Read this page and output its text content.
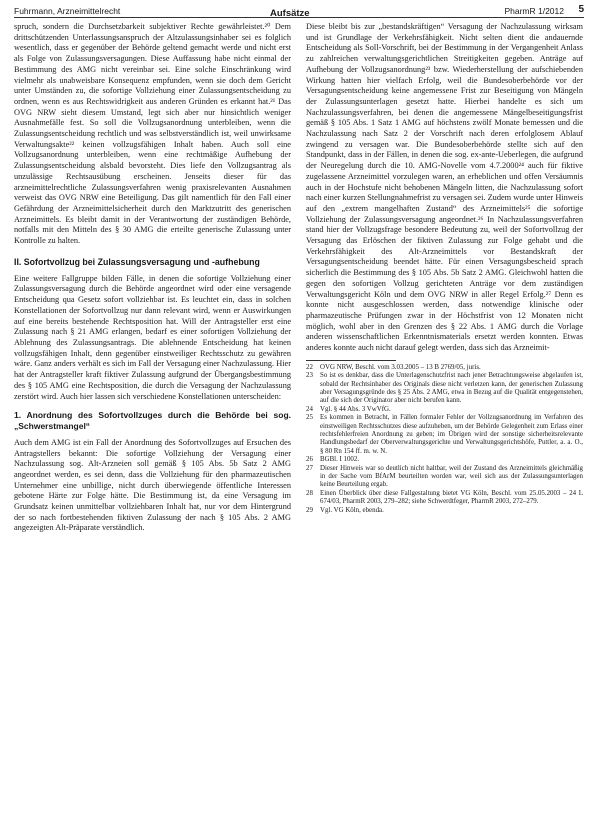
Fuhrmann, Arzneimittelrecht	Aufsätze	PharmR 1/2012 5

spruch, sondern die Durchsetzbarkeit subjektiver Rechte gewährleistet.²⁰ Dem drittschützenden Unterlassungsanspruch der Altzulassungsinhaber sei es folglich wesentlich, dass er gegenüber der Behörde geltend gemacht werde und nicht erst als Folge von Zulassungsversagungen. Diese Auffassung habe nicht einmal der Bestimmung des AMG nicht vereinbar sei. Eine solche Einschränkung wird vielmehr als unabweisbare Konsequenz empfunden, wenn sie doch dem Gericht unter Umständen zu, die sofortige Vollziehung einer Zulassungsentscheidung zu ordnen, wenn es aus Rechtswidrigkeit aus anderen Gründen es erkannt hat.²¹ Das OVG NRW sieht diesem Umstand, legt sich aber nur hinsichtlich weniger Ausnahmefälle fest. So soll die Vollzugsanordnung unterbleiben, wenn die Zulassungsentscheidung rechtlich und was selbstverständlich ist, weil unwirksame Verwaltungsakte²² keinen vollzugsfähigen Inhalt haben. Auch soll eine Vollzugsanordnung unterbleiben, wenn eine rechtmäßige Aufhebung der Zulassungsentscheidung alsbald bevorsteht. Dies liefe den Vollzugsantrag als unzulässige Rechtsausübung erscheinen. Jenseits dieser für das arzneimittelrechtliche Zulassungsverfahren wenig praxisrelevanten Ausnahmen verweist das OVG NRW eine Beteiligung. Das gilt namentlich für den Fall einer Gefährdung der Arzneimittelsicherheit durch den Marktzutritt des generischen Arzneimittels. Es bleibt damit in der Verantwortung der zuständigen Behörde, notfalls mit den Mitteln des § 30 AMG die erteilte generische Zulassung unter Kontrolle zu halten.

II. Sofortvollzug bei Zulassungsversagung und -aufhebung

Eine weitere Fallgruppe bilden Fälle, in denen die sofortige Vollziehung einer Zulassungsversagung durch die Behörde angeordnet wird oder eine versagende Entscheidung qua Gesetz sofort vollziehbar ist. Es leuchtet ein, dass in solchen Konstellationen der Sofortvollzug nur dann relevant wird, wenn er Auswirkungen auf eine bereits bestehende Rechtsposition hat. Will der Antragsteller erst eine Zulassung nach § 21 AMG erlangen, bedarf es einer sofortigen Vollziehung der Ablehnung des Zulassungsantrags. Die ablehnende Entscheidung hat keinen vollzugsfähigen Inhalt, denn gegenüber einstweiliger Rechtsschutz zu gewähren wäre. Ganz anders verhält es sich im Fall der Versagung einer Nachzulassung. Hier hat der Antragsteller kraft fiktiver Zulassung aufgrund der Übergangsbestimmung des § 105 AMG eine Rechtsposition, die durch die Versagung der Nachzulassung zerstört wird. Auch hier lassen sich verschiedene Konstellationen unterscheiden:

1. Anordnung des Sofortvollzuges durch die Behörde bei sog. „Schwerstmangel“

Auch dem AMG ist ein Fall der Anordnung des Sofortvollzuges auf Ersuchen des Antragstellers bekannt: Die sofortige Vollziehung der Versagung einer Nachzulassung sog. Alt-Arzneien soll gemäß § 105 Abs. 5b Satz 2 AMG angeordnet werden, es sei denn, dass die Vollziehung für den pharmazeutischen Unternehmer eine unbillige, nicht durch überwiegende öffentliche Interessen gebotene Härte zur Folge hätte. Die Bestimmung ist, da eine Versagung im Grundsatz keinen unmittelbar vollziehbaren Inhalt hat, nur vor dem Hintergrund der so nach fortbestehenden fiktiven Zulassung der nach § 105 Abs. 2 AMG angezeigten Alt-Präparate verständlich.

Diese bleibt bis zur „bestandskräftigen“ Versagung der Nachzulassung wirksam und ist Grundlage der Verkehrsfähigkeit. Nicht selten dient die andauernde Entscheidung als Soll-Vorschrift, bei der Bestimmung in der Vergangenheit Anlass zu zahlreichen verwaltungsgerichtlichen Streitigkeiten gegeben. Anträge auf Aufhebung der Vollzugsanordnung²³ bzw. Wiederherstellung der aufschiebenden Wirkung hatten hier vielfach Erfolg, weil die Bundesoberbehörde vor der Versagungsentscheidung keine angemessene Frist zur Beseitigung von Mängeln der Zulassungsunterlagen gesetzt hatte. Hierbei handelte es sich um Nachzulassungsverfahren, bei denen die angemessene Mängelbeseitigungsfrist gemäß § 105 Abs. 1 Satz 1 AMG auf höchstens zwölf Monate bemessen und die Nachzulassung nach Satz 2 der Vorschrift nach deren erfolglosem Ablauf zwingend zu versagen war. Die Bundesoberbehörde stellte sich auf den Standpunkt, dass in der Fällen, in denen die sog. ex-ante-Ueberlegen, die aufgrund der Neuregelung durch die 10. AMG-Novelle vom 4.7.2000²⁴ auch für fiktive zugelassene Arzneimittel vorzulegen waren, an erheblichen und offen Versäumnis auch in der Hochstufe nicht behobenen Mängeln litten, die Nachzulassung sofort nach einer kurzen Stellungnahmefrist zu versagen sei. Zudem wurde unter Hinweis auf den „extrem mangelhaften Zustand“ des Arzneimittels²⁵ die sofortige Vollziehung der Zulassungsversagung angeordnet.²⁶ In Nachzulassungsverfahren stand hier der Vollzugsfrage besondere Bedeutung zu, weil der Sofortvollzug der Versagung das Erlöschen der fiktiven Zulassung zur Folge gehabt und die Verkehrsfähigkeit des Alt-Arzneimittels vor Bestandskraft der Versagungsentscheidung beendet hätte. Für einen Versagungsbescheid sprach sicherlich die Bestimmung des § 105 Abs. 5b Satz 2 AMG. Gleichwohl hatten die gegen den sofortigen Vollzug gerichteten Anträge vor dem zuständigen Verwaltungsgericht Köln und dem OVG NRW in aller Regel Erfolg.²⁷ Denn es konnte nicht ausgeschlossen werden, dass notwendige klinische oder pharmazeutische Prüfungen zwar in der Höchstfrist von 12 Monaten nicht möglich, wohl aber in den Grenzen des § 22 Abs. 1 AMG durch die Vorlage anderen wissenschaftlichen Erkenntnismaterials ersetzt werden konnten. Etwas anderes konnte auch nicht darauf gelegt werden, dass sich das Arzneimit-

22	OVG NRW, Beschl. vom 3.03.2005 – 13 B 2769/05, juris.
23	So ist es denkbar, dass die Unterlagenschutzfrist nach jener Betrachtungsweise abgelaufen ist, sobald der Rechtsinhaber des Originals diese nicht verletzen kann, der generischen Zulassung aber Versagungsgründe des § 25 Abs. 2 AMG, etwa in Bezug auf die Qualität entgegenstehen, auf die sich der Originator aber nicht berufen kann.
24	Vgl. § 44 Abs. 3 VwVfG.
25	Es kommen in Betracht, in Fällen formaler Fehler der Vollzugsanordnung im Verfahren des einstweiligen Rechtsschutzes diese aufzuheben, um der Behörde Gelegenheit zum Erlass einer rechtsfehlerfreien Anordnung zu geben; im Übrigen wird der sonstige sicherheitsrelevante Handlungsbedarf der Oberverwaltungsgerichte und Verwaltungsgerichtshöfe, Puttler, a. a. O., § 80 Rn 154 ff. m. w. N.
26	BGBl. I 1002.
27	Dieser Hinweis war so deutlich nicht haltbar, weil der Zustand des Arzneimittels gleichmäßig in der Sache vom BfArM beurteilten worden war, weil sich aus der Zulassungsunterlagen keine Beurteilung ergab.
28	Einen Überblick über diese Fallgestaltung bietet VG Köln, Beschl. vom 25.05.2003 – 24 L 674/03, PharmR 2003, 279–282; siehe Schwerdtfeger, PharmR 2003, 272–279.
29	Vgl. VG Köln, ebenda.
